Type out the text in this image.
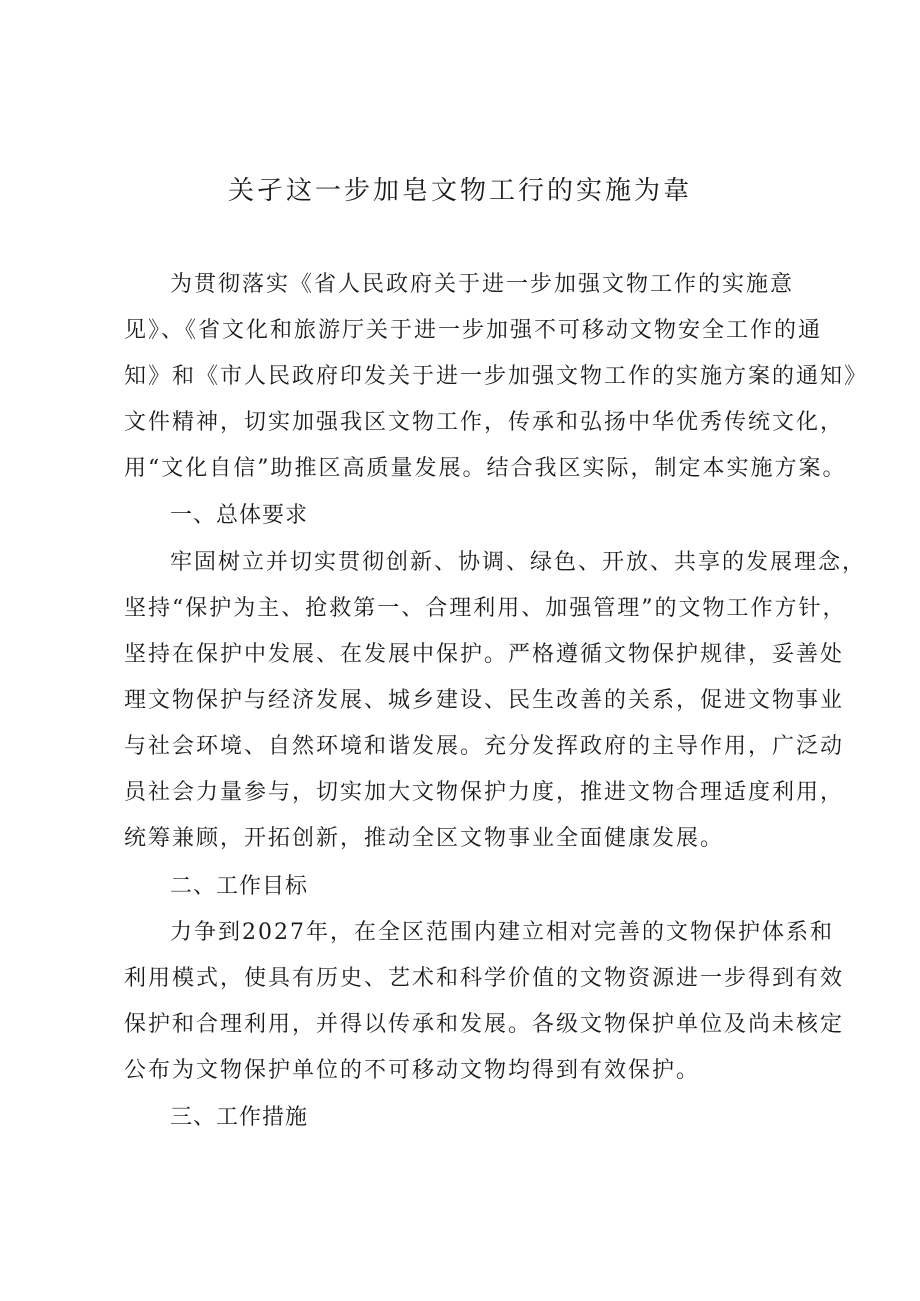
关孑这一步加皂文物工行的实施为韋
为贯彻落实《省人民政府关于进一步加强文物工作的实施意
见》、《省文化和旅游厅关于进一步加强不可移动文物安全工作的通
知》和《市人民政府印发关于进一步加强文物工作的实施方案的通知》
文件精神，切实加强我区文物工作，传承和弘扬中华优秀传统文化，
用“文化自信”助推区高质量发展。结合我区实际，制定本实施方案。
一、总体要求
牢固树立并切实贯彻创新、协调、绿色、开放、共享的发展理念，
坚持“保护为主、抢救第一、合理利用、加强管理”的文物工作方针，
坚持在保护中发展、在发展中保护。严格遵循文物保护规律，妥善处
理文物保护与经济发展、城乡建设、民生改善的关系，促进文物事业
与社会环境、自然环境和谐发展。充分发挥政府的主导作用，广泛动
员社会力量参与，切实加大文物保护力度，推进文物合理适度利用，
统筹兼顾，开拓创新，推动全区文物事业全面健康发展。
二、工作目标
力争到2027年，在全区范围内建立相对完善的文物保护体系和
利用模式，使具有历史、艺术和科学价值的文物资源进一步得到有效
保护和合理利用，并得以传承和发展。各级文物保护单位及尚未核定
公布为文物保护单位的不可移动文物均得到有效保护。
三、工作措施
